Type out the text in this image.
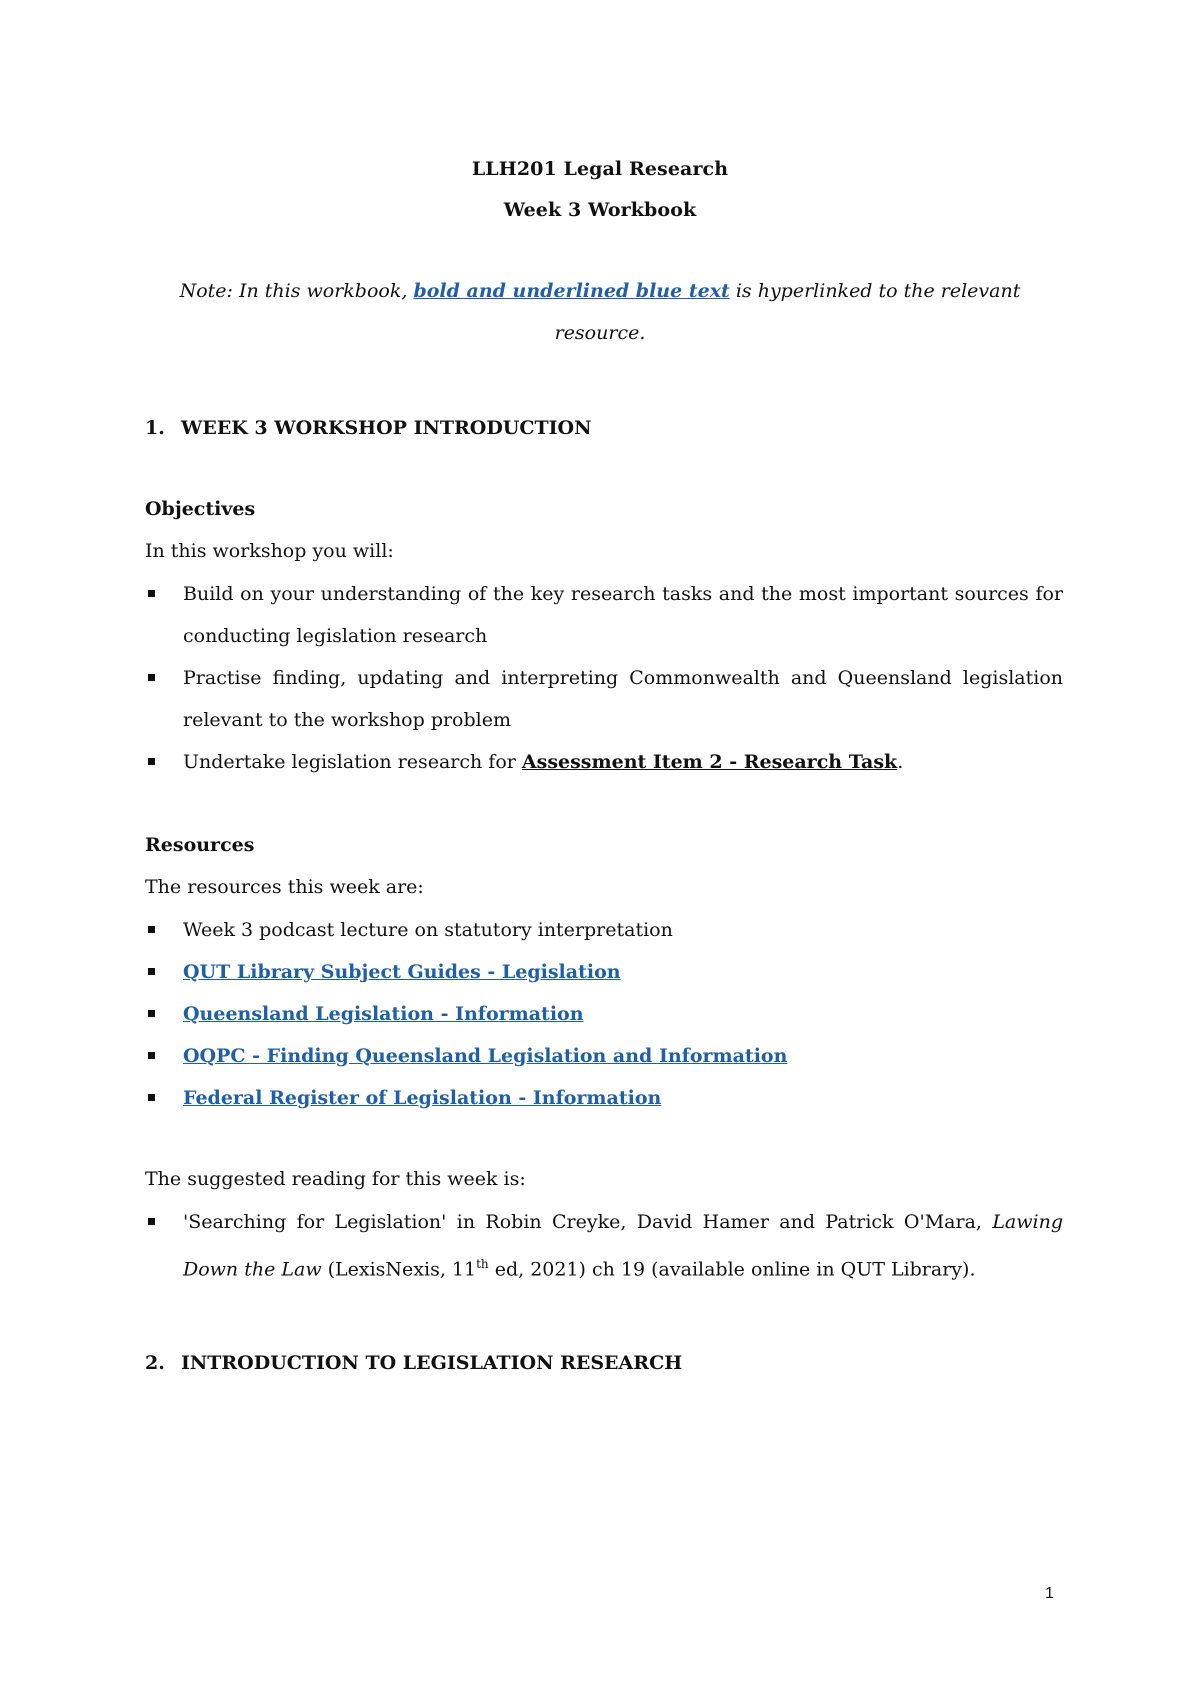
LLH201 Legal Research
Week 3 Workbook
Note: In this workbook, bold and underlined blue text is hyperlinked to the relevant
resource.
1. WEEK 3 WORKSHOP INTRODUCTION
Objectives
In this workshop you will:
Build on your understanding of the key research tasks and the most important sources for conducting legislation research
Practise finding, updating and interpreting Commonwealth and Queensland legislation relevant to the workshop problem
Undertake legislation research for Assessment Item 2 - Research Task.
Resources
The resources this week are:
Week 3 podcast lecture on statutory interpretation
QUT Library Subject Guides - Legislation
Queensland Legislation - Information
OQPC - Finding Queensland Legislation and Information
Federal Register of Legislation - Information
The suggested reading for this week is:
'Searching for Legislation' in Robin Creyke, David Hamer and Patrick O'Mara, Lawing Down the Law (LexisNexis, 11th ed, 2021) ch 19 (available online in QUT Library).
2. INTRODUCTION TO LEGISLATION RESEARCH
1
